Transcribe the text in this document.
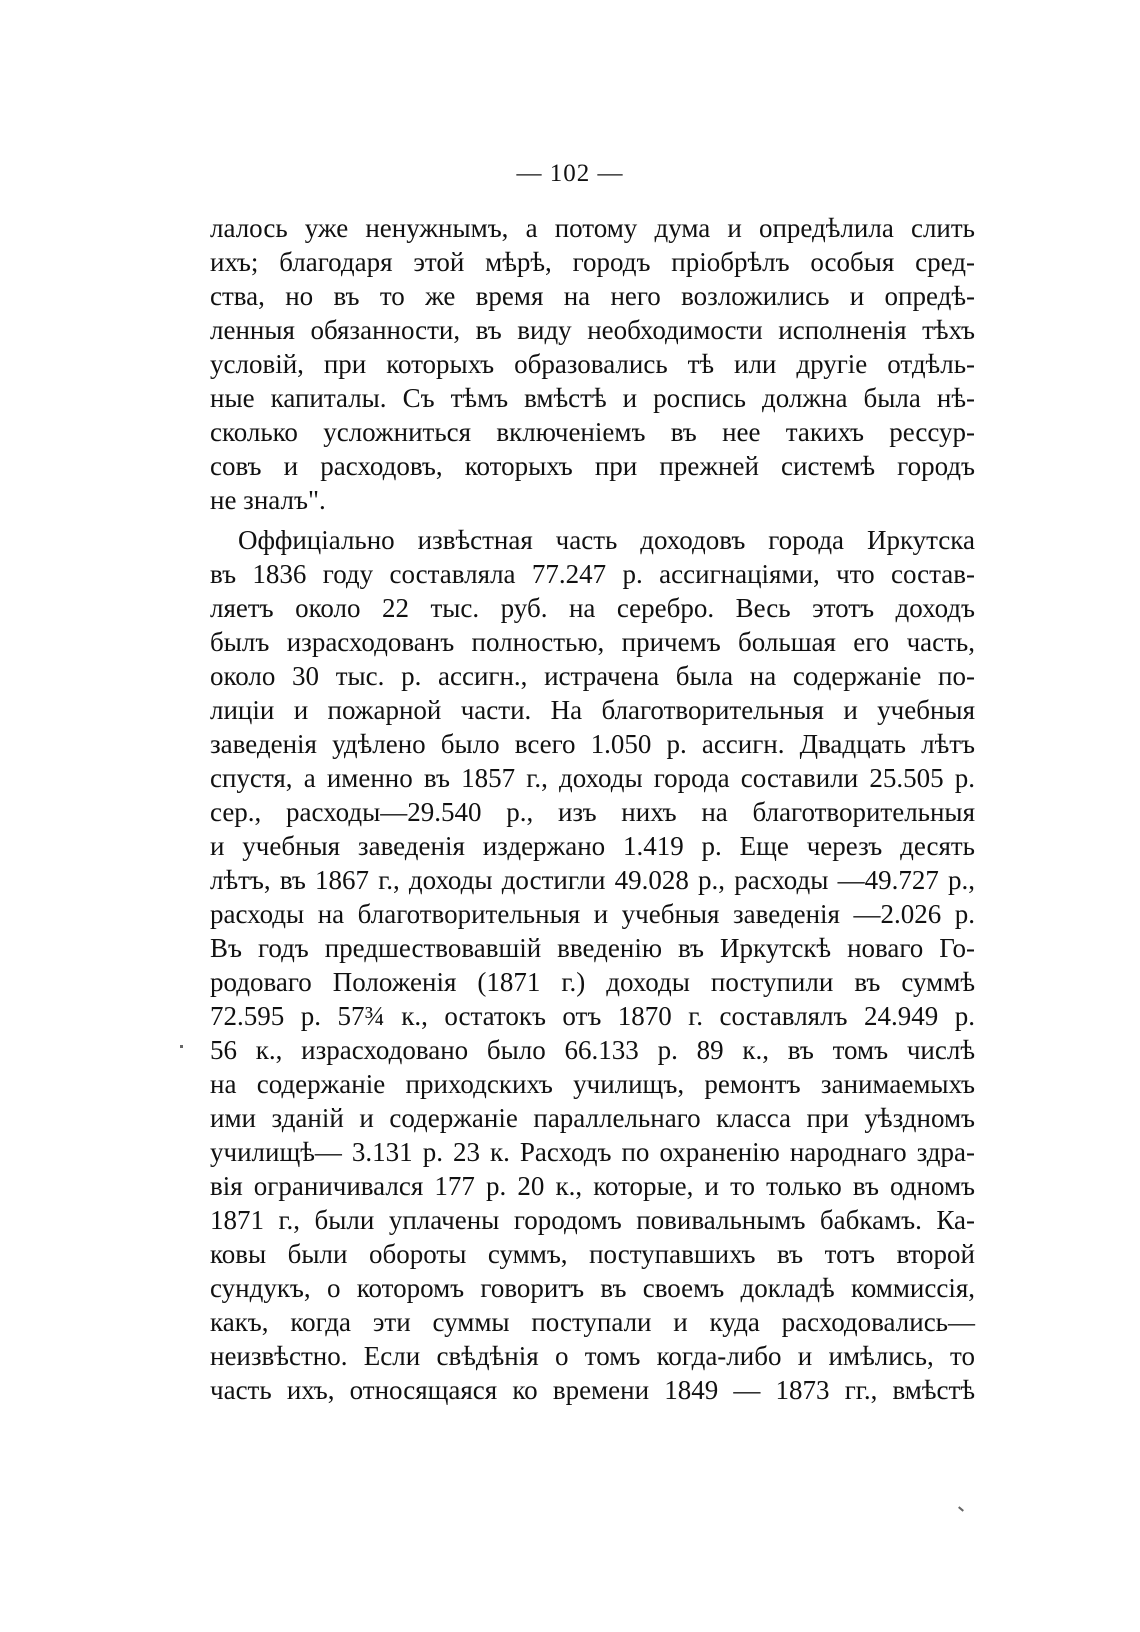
— 102 —
лалось уже ненужнымъ, а потому дума и опредѣлила слить
ихъ; благодаря этой мѣрѣ, городъ пріобрѣлъ особыя сред-
ства, но въ то же время на него возложились и опредѣ-
ленныя обязанности, въ виду необходимости исполненія тѣхъ
условій, при которыхъ образовались тѣ или другіе отдѣль-
ные капиталы. Съ тѣмъ вмѣстѣ и роспись должна была нѣ-
сколько усложниться включеніемъ въ нее такихъ рессур-
совъ и расходовъ, которыхъ при прежней системѣ городъ
не зналъ".
Оффиціально извѣстная часть доходовъ города Иркутска
въ 1836 году составляла 77.247 р. ассигнаціями, что состав-
ляетъ около 22 тыс. руб. на серебро. Весь этотъ доходъ
былъ израсходованъ полностью, причемъ большая его часть,
около 30 тыс. р. ассигн., истрачена была на содержаніе по-
лиціи и пожарной части. На благотворительныя и учебныя
заведенія удѣлено было всего 1.050 р. ассигн. Двадцать лѣтъ
спустя, а именно въ 1857 г., доходы города составили 25.505 р.
сер., расходы—29.540 р., изъ нихъ на благотворительныя
и учебныя заведенія издержано 1.419 р. Еще черезъ десять
лѣтъ, въ 1867 г., доходы достигли 49.028 р., расходы —49.727 р.,
расходы на благотворительныя и учебныя заведенія —2.026 р.
Въ годъ предшествовавшій введенію въ Иркутскѣ новаго Го-
родоваго Положенія (1871 г.) доходы поступили въ суммѣ
72.595 р. 57¾ к., остатокъ отъ 1870 г. составлялъ 24.949 р.
56 к., израсходовано было 66.133 р. 89 к., въ томъ числѣ
на содержаніе приходскихъ училищъ, ремонтъ занимаемыхъ
ими зданій и содержаніе параллельнаго класса при уѣздномъ
училищѣ— 3.131 р. 23 к. Расходъ по охраненію народнаго здра-
вія ограничивался 177 р. 20 к., которые, и то только въ одномъ
1871 г., были уплачены городомъ повивальнымъ бабкамъ. Ка-
ковы были обороты суммъ, поступавшихъ въ тотъ второй
сундукъ, о которомъ говоритъ въ своемъ докладѣ коммиссія,
какъ, когда эти суммы поступали и куда расходовались—
неизвѣстно. Если свѣдѣнія о томъ когда-либо и имѣлись, то
часть ихъ, относящаяся ко времени 1849 — 1873 гг., вмѣстѣ
